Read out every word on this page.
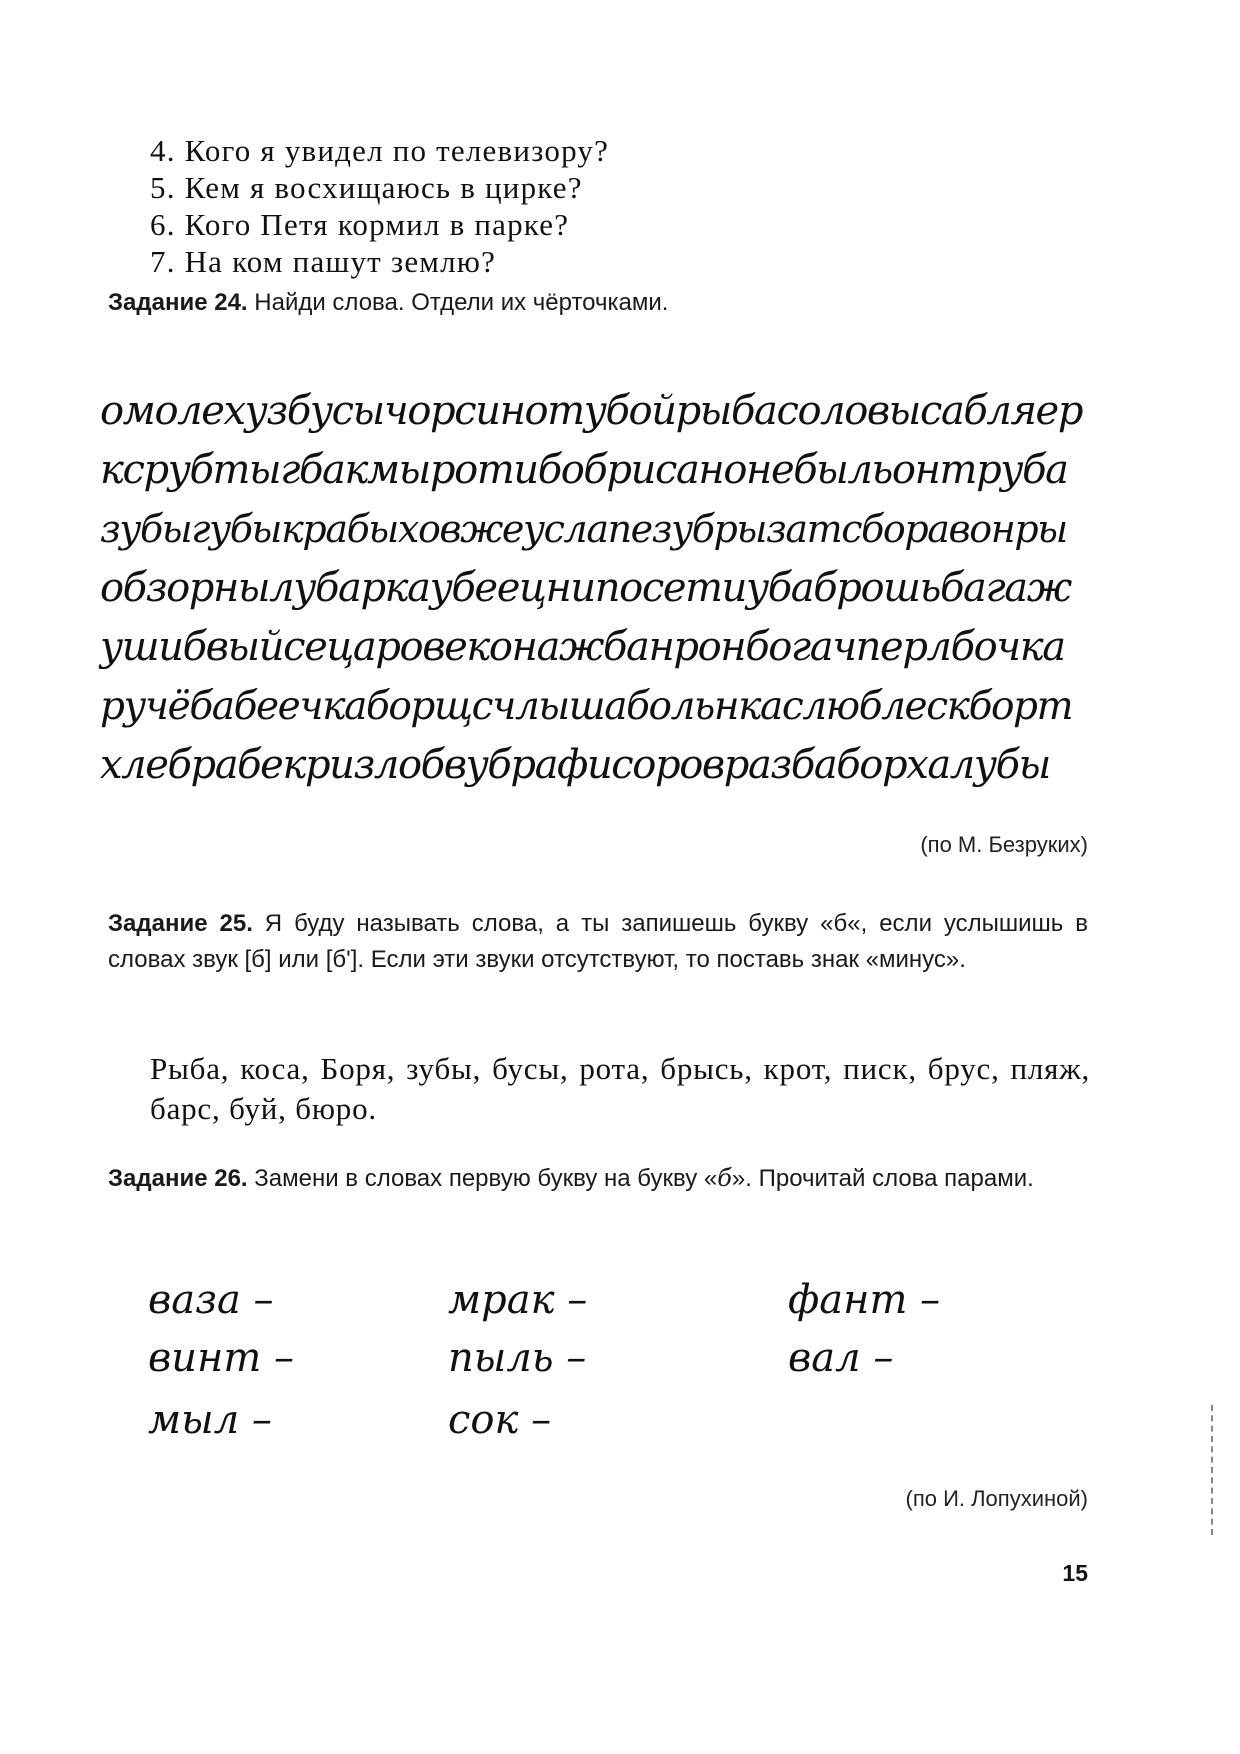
4. Кого я увидел по телевизору?
5. Кем я восхищаюсь в цирке?
6. Кого Петя кормил в парке?
7. На ком пашут землю?
Задание 24. Найди слова. Отдели их чёрточками.
омолехузбусычорсинотубойрыбасоловысабляер
ксрубтыгбакмыротибобрисанонебыльонтруба
зубыгубыкрабыховжеуслапезубрызатсборавонры
обзорнылубаркаубеецнипосетиубаброшьбагаж
ушибвыйсецаровеконажбанронбогачперлбочка
ручёбабеечкаборщсчлышабольнкаслюблескборт
хлебрабекризлобвубрафисоровразбаборхалубы
(по М. Безруких)
Задание 25. Я буду называть слова, а ты запишешь букву «б«, если услышишь в словах звук [б] или [б']. Если эти звуки отсутствуют, то поставь знак «минус».
Рыба, коса, Боря, зубы, бусы, рота, брысь, крот, писк, брус, пляж, барс, буй, бюро.
Задание 26. Замени в словах первую букву на букву «б». Прочитай слова парами.
ваза –	мрак –	фант –
винт –	пыль –	вал –
мыл –	сок –
(по И. Лопухиной)
15
